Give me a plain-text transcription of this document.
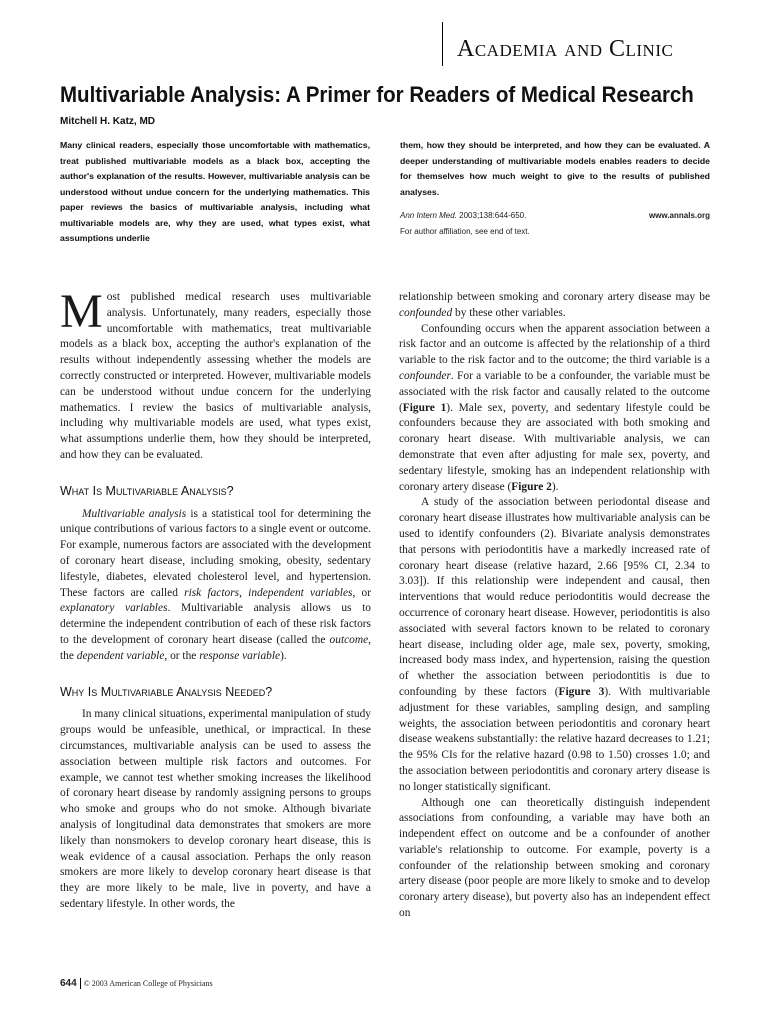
Academia and Clinic
Multivariable Analysis: A Primer for Readers of Medical Research
Mitchell H. Katz, MD
Many clinical readers, especially those uncomfortable with mathematics, treat published multivariable models as a black box, accepting the author's explanation of the results. However, multivariable analysis can be understood without undue concern for the underlying mathematics. This paper reviews the basics of multivariable analysis, including what multivariable models are, why they are used, what types exist, what assumptions underlie
them, how they should be interpreted, and how they can be evaluated. A deeper understanding of multivariable models enables readers to decide for themselves how much weight to give to the results of published analyses.
Ann Intern Med. 2003;138:644-650.	www.annals.org
For author affiliation, see end of text.

Most published medical research uses multivariable analysis. Unfortunately, many readers, especially those uncomfortable with mathematics, treat multivariable models as a black box, accepting the author's explanation of the results without independently assessing whether the models are correctly constructed or interpreted. However, multivariable models can be understood without undue concern for the underlying mathematics. I review the basics of multivariable analysis, including why multivariable models are used, what types exist, what assumptions underlie them, how they should be interpreted, and how they can be evaluated.

What Is Multivariable Analysis?

Multivariable analysis is a statistical tool for determining the unique contributions of various factors to a single event or outcome. For example, numerous factors are associated with the development of coronary heart disease, including smoking, obesity, sedentary lifestyle, diabetes, elevated cholesterol level, and hypertension. These factors are called risk factors, independent variables, or explanatory variables. Multivariable analysis allows us to determine the independent contribution of each of these risk factors to the development of coronary heart disease (called the outcome, the dependent variable, or the response variable).

Why Is Multivariable Analysis Needed?

In many clinical situations, experimental manipulation of study groups would be unfeasible, unethical, or impractical. In these circumstances, multivariable analysis can be used to assess the association between multiple risk factors and outcomes. For example, we cannot test whether smoking increases the likelihood of coronary heart disease by randomly assigning persons to groups who smoke and groups who do not smoke. Although bivariate analysis of longitudinal data demonstrates that smokers are more likely than nonsmokers to develop coronary heart disease, this is weak evidence of a causal association. Perhaps the only reason smokers are more likely to develop coronary heart disease is that they are more likely to be male, live in poverty, and have a sedentary lifestyle. In other words, the

relationship between smoking and coronary artery disease may be confounded by these other variables.

Confounding occurs when the apparent association between a risk factor and an outcome is affected by the relationship of a third variable to the risk factor and to the outcome; the third variable is a confounder. For a variable to be a confounder, the variable must be associated with the risk factor and causally related to the outcome (Figure 1). Male sex, poverty, and sedentary lifestyle could be confounders because they are associated with both smoking and coronary heart disease. With multivariable analysis, we can demonstrate that even after adjusting for male sex, poverty, and sedentary lifestyle, smoking has an independent relationship with coronary artery disease (Figure 2).

A study of the association between periodontal disease and coronary heart disease illustrates how multivariable analysis can be used to identify confounders (2). Bivariate analysis demonstrates that persons with periodontitis have a markedly increased rate of coronary heart disease (relative hazard, 2.66 [95% CI, 2.34 to 3.03]). If this relationship were independent and causal, then interventions that would reduce periodontitis would decrease the occurrence of coronary heart disease. However, periodontitis is also associated with several factors known to be related to coronary heart disease, including older age, male sex, poverty, smoking, increased body mass index, and hypertension, raising the question of whether the association between periodontitis is due to confounding by these factors (Figure 3). With multivariable adjustment for these variables, sampling design, and sampling weights, the association between periodontitis and coronary heart disease weakens substantially: the relative hazard decreases to 1.21; the 95% CIs for the relative hazard (0.98 to 1.50) crosses 1.0; and the association between periodontitis and coronary artery disease is no longer statistically significant.

Although one can theoretically distinguish independent associations from confounding, a variable may have both an independent effect on outcome and be a confounder of another variable's relationship to outcome. For example, poverty is a confounder of the relationship between smoking and coronary artery disease (poor people are more likely to smoke and to develop coronary artery disease), but poverty also has an independent effect on

644 © 2003 American College of Physicians
